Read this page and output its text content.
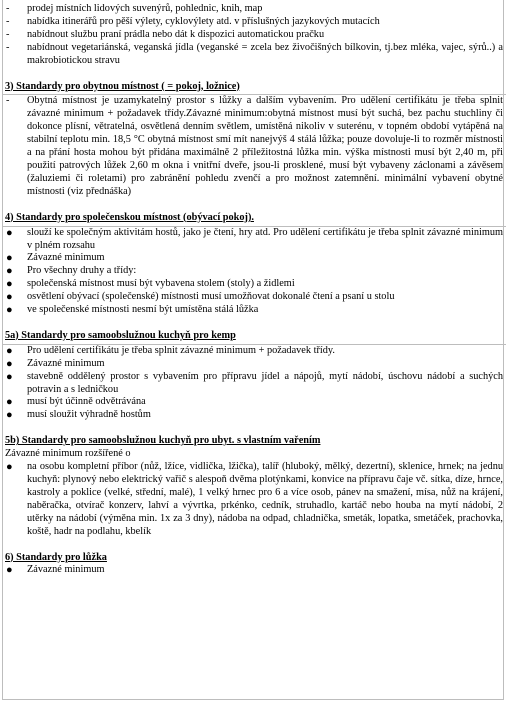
- prodej místních lidových suvenýrů, pohlednic, knih, map
- nabídka itinerářů pro pěší výlety, cyklovýlety atd. v příslušných jazykových mutacích
- nabídnout službu praní prádla nebo dát k dispozici automatickou pračku
- nabídnout vegetariánská, veganská jídla (veganské = zcela bez živočišných bílkovin, tj.bez mléka, vajec, sýrů..) a makrobiotickou stravu
3) Standardy pro obytnou místnost ( = pokoj, ložnice)
- Obytná místnost je uzamykatelný prostor s lůžky a dalším vybavením. Pro udělení certifikátu je třeba splnit závazné minimum + požadavek třídy.Závazné minimum:obytná místnost musí být suchá, bez pachu stuchliny či dokonce plísní, větratelná, osvětlená denním světlem, umístěná nikoliv v suterénu, v topném období vytápěná na stabilní teplotu min. 18,5 °C obytná místnost smí mít nanejvýš 4 stálá lůžka; pouze dovoluje-li to rozměr místnosti a na přání hosta mohou být přidána maximálně 2 příležitostná lůžka min. výška místnosti musí být 2,40 m, při použití patrových lůžek 2,60 m okna i vnitřní dveře, jsou-li prosklené, musí být vybaveny záclonami a závěsem (žaluziemi či roletami) pro zabránění pohledu zvenčí a pro možnost zatemnění. minimální vybavení obytné místnosti (viz přednáška)
4) Standardy pro společenskou místnost (obývací pokoj).
● slouží ke společným aktivitám hostů, jako je čtení, hry atd. Pro udělení certifikátu je třeba splnit závazné minimum v plném rozsahu
● Závazné minimum
● Pro všechny druhy a třídy:
● společenská místnost musí být vybavena stolem (stoly) a židlemi
● osvětlení obývací (společenské) místnosti musí umožňovat dokonalé čtení a psaní u stolu
● ve společenské místnosti nesmí být umístěna stálá lůžka
5a) Standardy pro samoobslužnou kuchyň pro kemp
● Pro udělení certifikátu je třeba splnit závazné minimum + požadavek třídy.
● Závazné minimum
● stavebně oddělený prostor s vybavením pro přípravu jídel a nápojů, mytí nádobí, úschovu nádobí a suchých potravin a s ledničkou
● musí být účinně odvětrávána
● musí sloužit výhradně hostům
5b) Standardy pro samoobslužnou kuchyň pro ubyt. s vlastním vařením
Závazné minimum rozšířené o
● na osobu kompletní příbor (nůž, lžíce, vidlička, lžička), talíř (hluboký, mělký, dezertní), sklenice, hrnek; na jednu kuchyň: plynový nebo elektrický vařič s alespoň dvěma plotýnkami, konvice na přípravu čaje vč. sítka, díze, hrnce, kastroly a poklice (velké, střední, malé), 1 velký hrnec pro 6 a více osob, pánev na smažení, mísa, nůž na krájení, naběračka, otvírač konzerv, lahví a vývrtka, prkénko, cedník, struhadlo, kartáč nebo houba na mytí nádobí, 2 utěrky na nádobí (výměna min. 1x za 3 dny), nádoba na odpad, chladnička, smeták, lopatka, smetáček, prachovka, koště, hadr na podlahu, kbelík
6) Standardy pro lůžka
● Závazné minimum
